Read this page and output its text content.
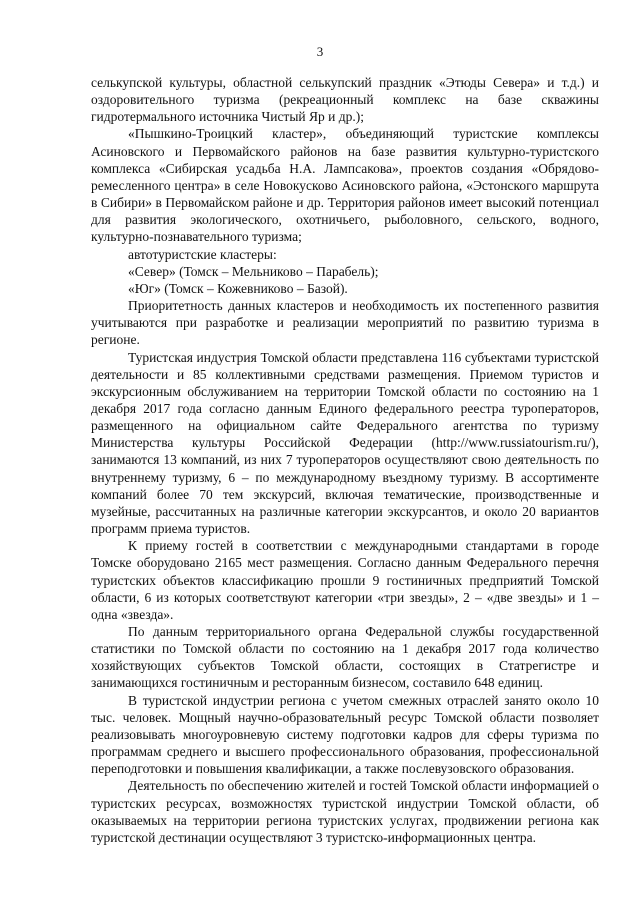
3

селькупской культуры, областной селькупский праздник «Этюды Севера» и т.д.) и оздоровительного туризма (рекреационный комплекс на базе скважины гидротермального источника Чистый Яр и др.);

«Пышкино-Троицкий кластер», объединяющий туристские комплексы Асиновского и Первомайского районов на базе развития культурно-туристского комплекса «Сибирская усадьба Н.А. Лампсакова», проектов создания «Обрядово-ремесленного центра» в селе Новокусково Асиновского района, «Эстонского маршрута в Сибири» в Первомайском районе и др. Территория районов имеет высокий потенциал для развития экологического, охотничьего, рыболовного, сельского, водного, культурно-познавательного туризма;

автотуристские кластеры:

«Север» (Томск – Мельниково – Парабель);

«Юг» (Томск – Кожевниково – Базой).

Приоритетность данных кластеров и необходимость их постепенного развития учитываются при разработке и реализации мероприятий по развитию туризма в регионе.

Туристская индустрия Томской области представлена 116 субъектами туристской деятельности и 85 коллективными средствами размещения. Приемом туристов и экскурсионным обслуживанием на территории Томской области по состоянию на 1 декабря 2017 года согласно данным Единого федерального реестра туроператоров, размещенного на официальном сайте Федерального агентства по туризму Министерства культуры Российской Федерации (http://www.russiatourism.ru/), занимаются 13 компаний, из них 7 туроператоров осуществляют свою деятельность по внутреннему туризму, 6 – по международному въездному туризму. В ассортименте компаний более 70 тем экскурсий, включая тематические, производственные и музейные, рассчитанных на различные категории экскурсантов, и около 20 вариантов программ приема туристов.

К приему гостей в соответствии с международными стандартами в городе Томске оборудовано 2165 мест размещения. Согласно данным Федерального перечня туристских объектов классификацию прошли 9 гостиничных предприятий Томской области, 6 из которых соответствуют категории «три звезды», 2 – «две звезды» и 1 – одна «звезда».

По данным территориального органа Федеральной службы государственной статистики по Томской области по состоянию на 1 декабря 2017 года количество хозяйствующих субъектов Томской области, состоящих в Статрегистре и занимающихся гостиничным и ресторанным бизнесом, составило 648 единиц.

В туристской индустрии региона с учетом смежных отраслей занято около 10 тыс. человек. Мощный научно-образовательный ресурс Томской области позволяет реализовывать многоуровневую систему подготовки кадров для сферы туризма по программам среднего и высшего профессионального образования, профессиональной переподготовки и повышения квалификации, а также послевузовского образования.

Деятельность по обеспечению жителей и гостей Томской области информацией о туристских ресурсах, возможностях туристской индустрии Томской области, об оказываемых на территории региона туристских услугах, продвижении региона как туристской дестинации осуществляют 3 туристско-информационных центра.
